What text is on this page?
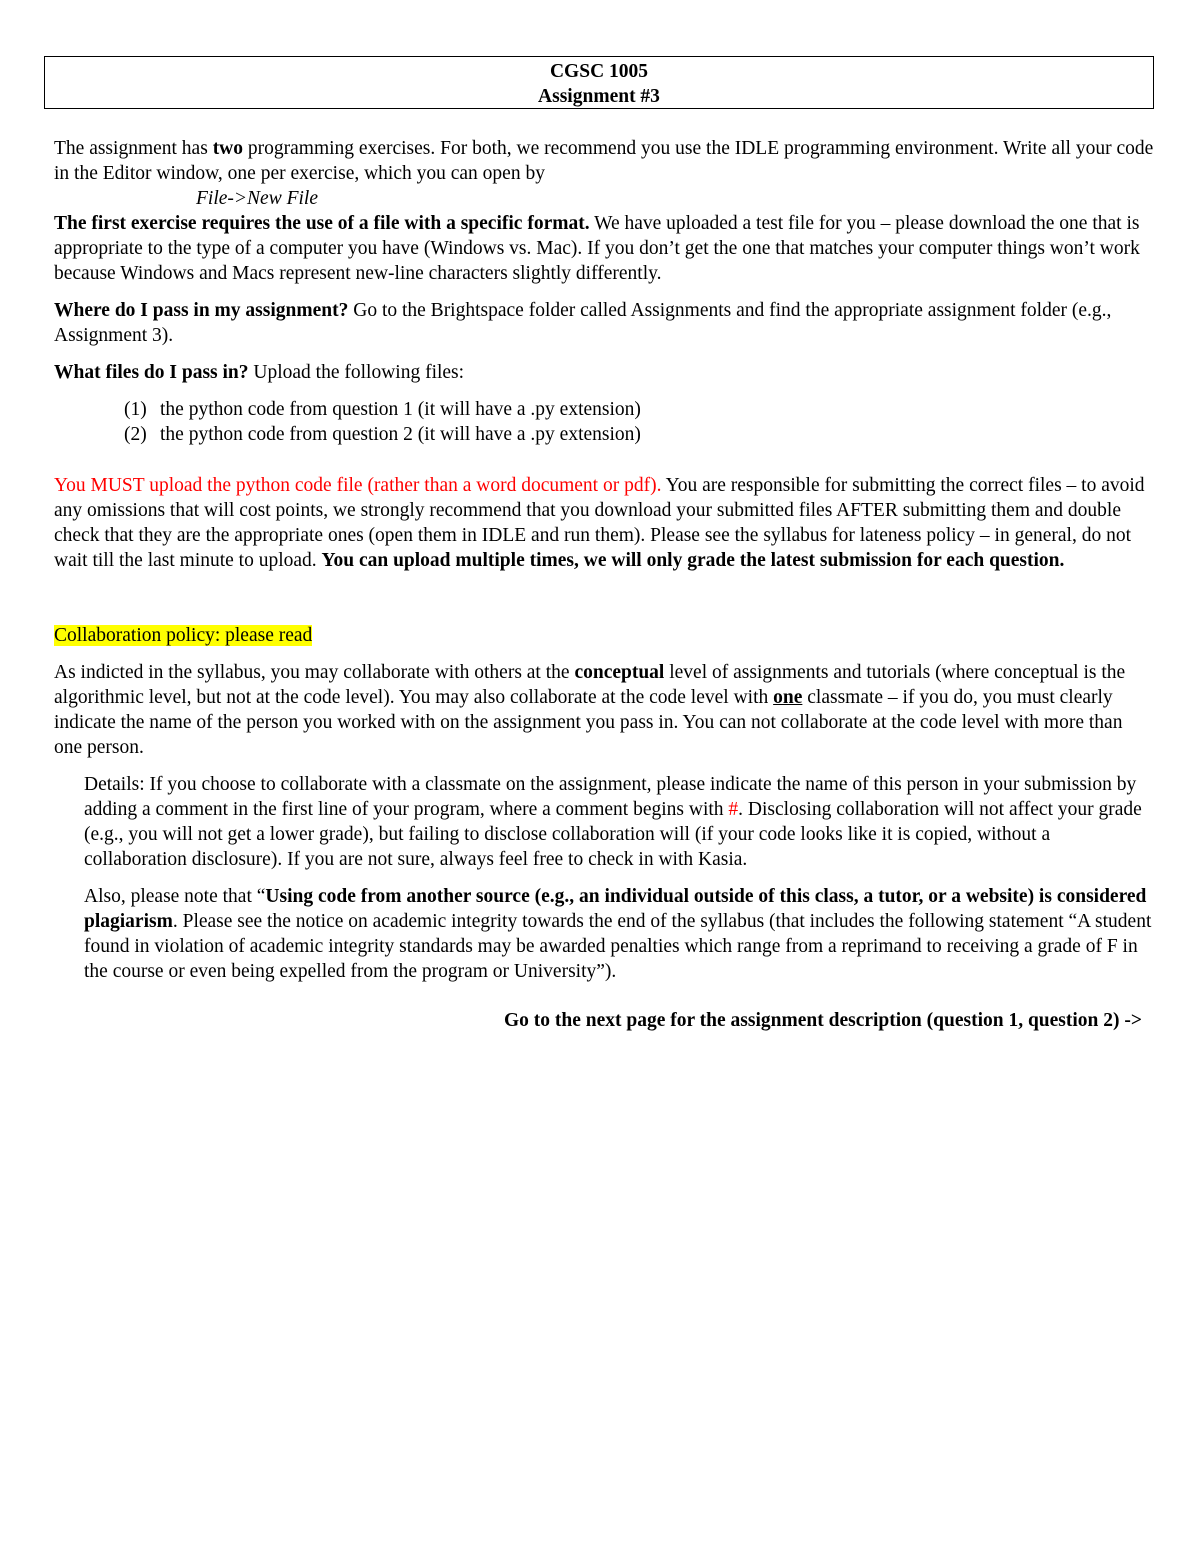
CGSC 1005
Assignment #3

The assignment has two programming exercises. For both, we recommend you use the IDLE programming environment. Write all your code in the Editor window, one per exercise, which you can open by

File->New File

The first exercise requires the use of a file with a specific format. We have uploaded a test file for you – please download the one that is appropriate to the type of a computer you have (Windows vs. Mac). If you don’t get the one that matches your computer things won’t work because Windows and Macs represent new-line characters slightly differently.

Where do I pass in my assignment? Go to the Brightspace folder called Assignments and find the appropriate assignment folder (e.g., Assignment 3).

What files do I pass in? Upload the following files:

(1) the python code from question 1 (it will have a .py extension)
(2) the python code from question 2 (it will have a .py extension)

You MUST upload the python code file (rather than a word document or pdf). You are responsible for submitting the correct files – to avoid any omissions that will cost points, we strongly recommend that you download your submitted files AFTER submitting them and double check that they are the appropriate ones (open them in IDLE and run them). Please see the syllabus for lateness policy – in general, do not wait till the last minute to upload. You can upload multiple times, we will only grade the latest submission for each question.

Collaboration policy: please read

As indicted in the syllabus, you may collaborate with others at the conceptual level of assignments and tutorials (where conceptual is the algorithmic level, but not at the code level). You may also collaborate at the code level with one classmate – if you do, you must clearly indicate the name of the person you worked with on the assignment you pass in. You can not collaborate at the code level with more than one person.

Details: If you choose to collaborate with a classmate on the assignment, please indicate the name of this person in your submission by adding a comment in the first line of your program, where a comment begins with #. Disclosing collaboration will not affect your grade (e.g., you will not get a lower grade), but failing to disclose collaboration will (if your code looks like it is copied, without a collaboration disclosure). If you are not sure, always feel free to check in with Kasia.

Also, please note that “Using code from another source (e.g., an individual outside of this class, a tutor, or a website) is considered plagiarism. Please see the notice on academic integrity towards the end of the syllabus (that includes the following statement “A student found in violation of academic integrity standards may be awarded penalties which range from a reprimand to receiving a grade of F in the course or even being expelled from the program or University”).

Go to the next page for the assignment description (question 1, question 2) ->
